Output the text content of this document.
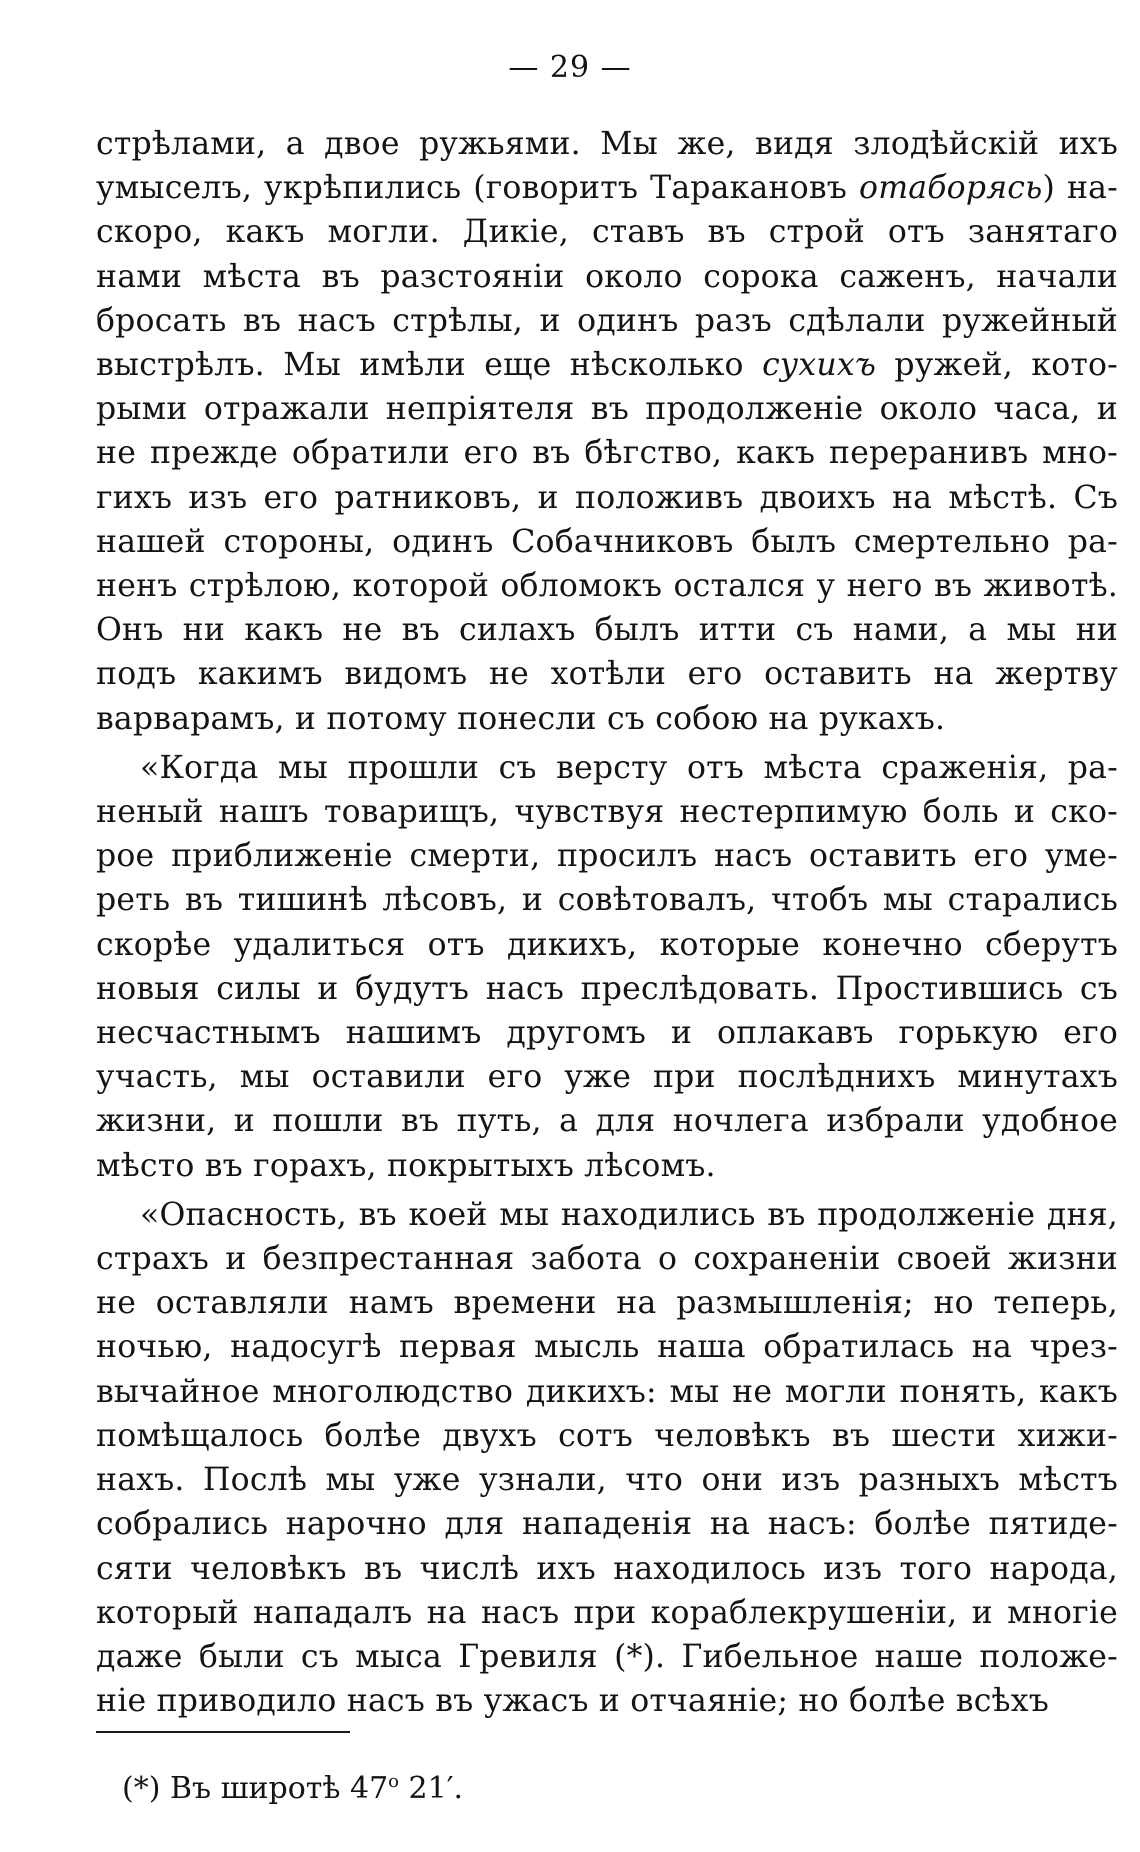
— 29 —
стрѣлами, а двое ружьями. Мы же, видя злодѣйскій ихъ
умыселъ, укрѣпились (говоритъ Таракановъ отаборясь) на-
скоро, какъ могли. Дикіе, ставъ въ строй отъ занятаго
нами мѣста въ разстояніи около сорока саженъ, начали
бросать въ насъ стрѣлы, и одинъ разъ сдѣлали ружейный
выстрѣлъ. Мы имѣли еще нѣсколько сухихъ ружей, кото-
рыми отражали непріятеля въ продолженіе около часа, и
не прежде обратили его въ бѣгство, какъ переранивъ мно-
гихъ изъ его ратниковъ, и положивъ двоихъ на мѣстѣ. Съ
нашей стороны, одинъ Собачниковъ былъ смертельно ра-
ненъ стрѣлою, которой обломокъ остался у него въ животѣ.
Онъ ни какъ не въ силахъ былъ итти съ нами, а мы ни
подъ какимъ видомъ не хотѣли его оставить на жертву
варварамъ, и потому понесли съ собою на рукахъ.
«Когда мы прошли съ версту отъ мѣста сраженія, ра-
неный нашъ товарищъ, чувствуя нестерпимую боль и ско-
рое приближеніе смерти, просилъ насъ оставить его уме-
реть въ тишинѣ лѣсовъ, и совѣтовалъ, чтобъ мы старались
скорѣе удалиться отъ дикихъ, которые конечно сберутъ
новыя силы и будутъ насъ преслѣдовать. Простившись съ
несчастнымъ нашимъ другомъ и оплакавъ горькую его
участь, мы оставили его уже при послѣднихъ минутахъ
жизни, и пошли въ путь, а для ночлега избрали удобное
мѣсто въ горахъ, покрытыхъ лѣсомъ.
«Опасность, въ коей мы находились въ продолженіе дня,
страхъ и безпрестанная забота о сохраненіи своей жизни
не оставляли намъ времени на размышленія; но теперь,
ночью, надосугѣ первая мысль наша обратилась на чрез-
вычайное многолюдство дикихъ: мы не могли понять, какъ
помѣщалось болѣе двухъ сотъ человѣкъ въ шести хижи-
нахъ. Послѣ мы уже узнали, что они изъ разныхъ мѣстъ
собрались нарочно для нападенія на насъ: болѣе пятиде-
сяти человѣкъ въ числѣ ихъ находилось изъ того народа,
который нападалъ на насъ при кораблекрушеніи, и многіе
даже были съ мыса Гревиля (*). Гибельное наше положе-
ніе приводило насъ въ ужасъ и отчаяніе; но болѣе всѣхъ
(*) Въ широтѣ 47$^o$ 21′.
